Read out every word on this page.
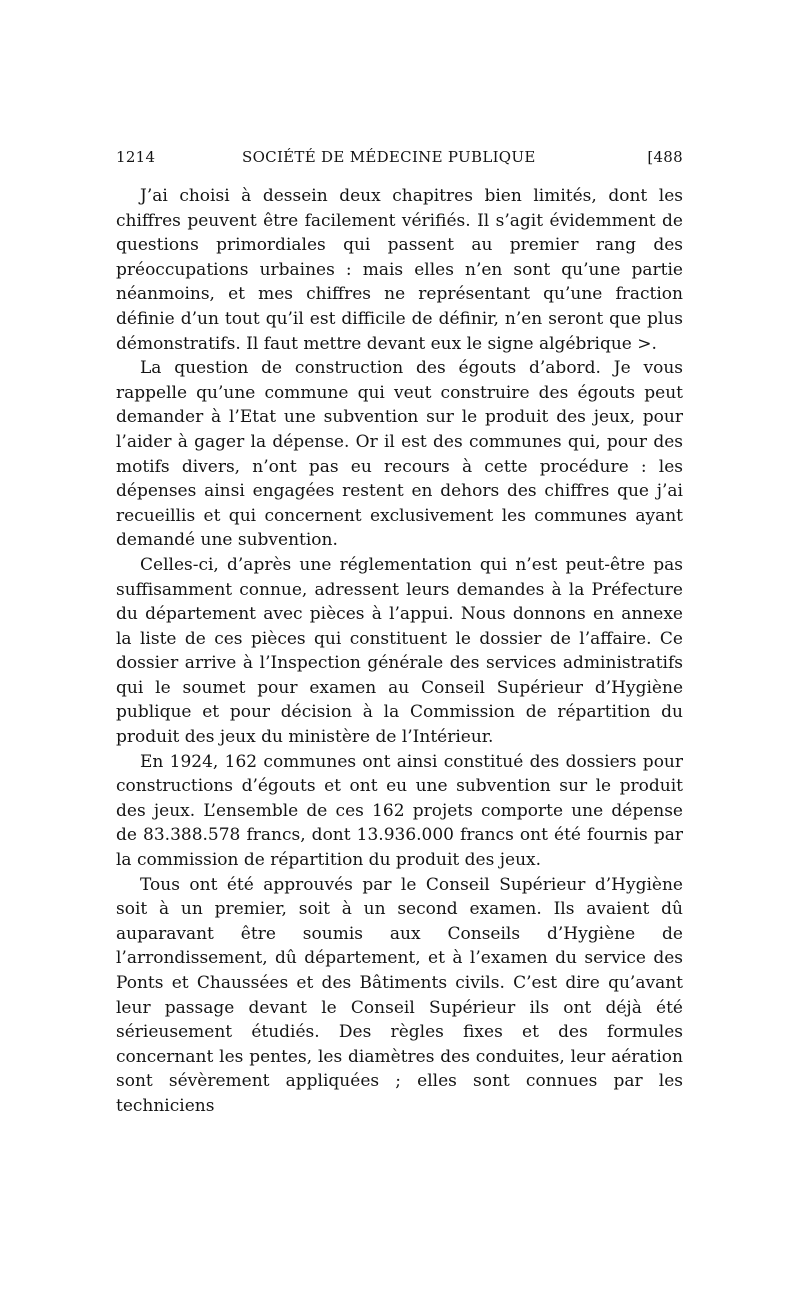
1214	SOCIÉTÉ DE MÉDECINE PUBLIQUE	[488

J’ai choisi à dessein deux chapitres bien limités, dont les chiffres peuvent être facilement vérifiés. Il s’agit évidemment de questions primordiales qui passent au premier rang des préoccupations urbaines : mais elles n’en sont qu’une partie néanmoins, et mes chiffres ne représentant qu’une fraction définie d’un tout qu’il est difficile de définir, n’en seront que plus démonstratifs. Il faut mettre devant eux le signe algébrique >.

La question de construction des égouts d’abord. Je vous rappelle qu’une commune qui veut construire des égouts peut demander à l’Etat une subvention sur le produit des jeux, pour l’aider à gager la dépense. Or il est des communes qui, pour des motifs divers, n’ont pas eu recours à cette procédure : les dépenses ainsi engagées restent en dehors des chiffres que j’ai recueillis et qui concernent exclusivement les communes ayant demandé une subvention.

Celles-ci, d’après une réglementation qui n’est peut-être pas suffisamment connue, adressent leurs demandes à la Préfecture du département avec pièces à l’appui. Nous donnons en annexe la liste de ces pièces qui constituent le dossier de l’affaire. Ce dossier arrive à l’Inspection générale des services administratifs qui le soumet pour examen au Conseil Supérieur d’Hygiène publique et pour décision à la Commission de répartition du produit des jeux du ministère de l’Intérieur.

En 1924, 162 communes ont ainsi constitué des dossiers pour constructions d’égouts et ont eu une subvention sur le produit des jeux. L’ensemble de ces 162 projets comporte une dépense de 83.388.578 francs, dont 13.936.000 francs ont été fournis par la commission de répartition du produit des jeux.

Tous ont été approuvés par le Conseil Supérieur d’Hygiène soit à un premier, soit à un second examen. Ils avaient dû auparavant être soumis aux Conseils d’Hygiène de l’arrondissement, dû département, et à l’examen du service des Ponts et Chaussées et des Bâtiments civils. C’est dire qu’avant leur passage devant le Conseil Supérieur ils ont déjà été sérieusement étudiés. Des règles fixes et des formules concernant les pentes, les diamètres des conduites, leur aération sont sévèrement appliquées ; elles sont connues par les techniciens
